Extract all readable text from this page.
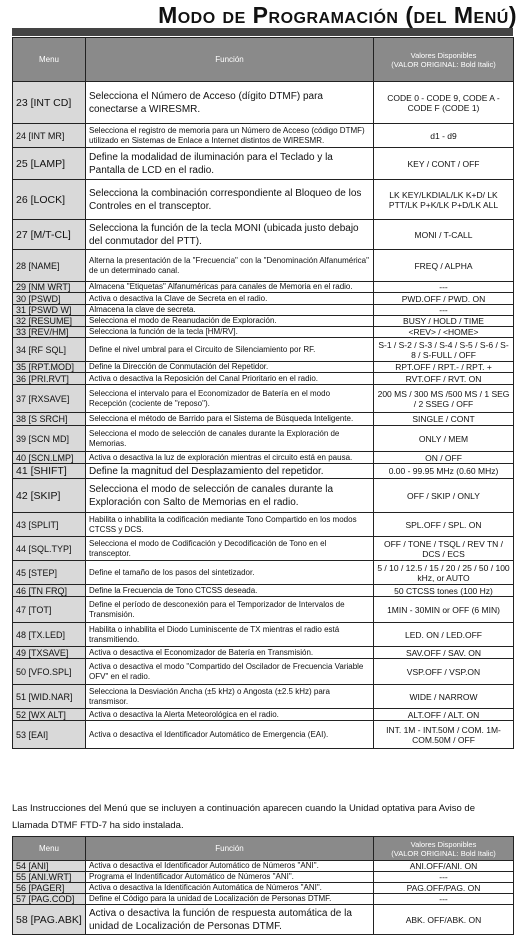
Modo de Programación (del Menú)
Menu	Función	Valores Disponibles
(VALOR ORIGINAL: Bold Italic)

23 [INT CD]	Selecciona el Número de Acceso (dígito DTMF) para conectarse a WIRESMR.	CODE 0 - CODE 9, CODE A - CODE F (CODE 1)
24 [INT MR]	Selecciona el registro de memoria para un Número de Acceso (código DTMF) utilizado en Sistemas de Enlace a Internet distintos de WIRESMR.	d1 - d9
25 [LAMP]	Define la modalidad de iluminación para el Teclado y la Pantalla de LCD en el radio.	KEY / CONT / OFF
26 [LOCK]	Selecciona la combinación correspondiente al Bloqueo de los Controles en el transceptor.	LK KEY/LKDIAL/LK K+D/ LK PTT/LK P+K/LK P+D/LK ALL
27 [M/T-CL]	Selecciona la función de la tecla MONI (ubicada justo debajo del conmutador del PTT).	MONI / T-CALL
28 [NAME]	Alterna la presentación de la "Frecuencia" con la "Denominación Alfanumérica" de un determinado canal.	FREQ / ALPHA
29 [NM WRT]	Almacena "Etiquetas" Alfanuméricas para canales de Memoria en el radio.	---
30 [PSWD]	Activa o desactiva la Clave de Secreta en el radio.	PWD.OFF / PWD. ON
31 [PSWD W]	Almacena la clave de secreta.	---
32 [RESUME]	Selecciona el modo de Reanudación de Exploración.	BUSY / HOLD / TIME
33 [REV/HM]	Selecciona la función de la tecla [HM/RV].	<REV> / <HOME>
34 [RF SQL]	Define el nivel umbral para el Circuito de Silenciamiento por RF.	S-1 / S-2 / S-3 / S-4 / S-5 / S-6 / S-8 / S-FULL / OFF
35 [RPT.MOD]	Define la Dirección de Conmutación del Repetidor.	RPT.OFF / RPT.- / RPT. +
36 [PRI.RVT]	Activa o desactiva la Reposición del Canal Prioritario en el radio.	RVT.OFF / RVT. ON
37 [RXSAVE]	Selecciona el intervalo para el Economizador de Batería en el modo Recepción (cociente de "reposo").	200 MS / 300 MS /500 MS / 1 SEG / 2 SSEG / OFF
38 [S SRCH]	Selecciona el método de Barrido para el Sistema de Búsqueda Inteligente.	SINGLE / CONT
39 [SCN MD]	Selecciona el modo de selección de canales durante la Exploración de Memorias.	ONLY / MEM
40 [SCN.LMP]	Activa o desactiva la luz de exploración mientras el circuito está en pausa.	ON / OFF
41 [SHIFT]	Define la magnitud del Desplazamiento del repetidor.	0.00 - 99.95 MHz (0.60 MHz)
42 [SKIP]	Selecciona el modo de selección de canales durante la Exploración con Salto de Memorias en el radio.	OFF / SKIP / ONLY
43 [SPLIT]	Habilita o inhabilita la codificación mediante Tono Compartido en los modos CTCSS y DCS.	SPL.OFF / SPL. ON
44 [SQL.TYP]	Selecciona el modo de Codificación y Decodificación de Tono en el transceptor.	OFF / TONE / TSQL / REV TN / DCS / ECS
45 [STEP]	Define el tamaño de los pasos del sintetizador.	5 / 10 / 12.5 / 15 / 20 / 25 / 50 / 100 kHz, or AUTO
46 [TN FRQ]	Define la Frecuencia de Tono CTCSS deseada.	50 CTCSS tones (100 Hz)
47 [TOT]	Define el período de desconexión para el Temporizador de Intervalos de Transmisión.	1MIN - 30MIN or OFF (6 MIN)
48 [TX.LED]	Habilita o inhabilita el Diodo Luminiscente de TX mientras el radio está transmitiendo.	LED. ON / LED.OFF
49 [TXSAVE]	Activa o desactiva el Economizador de Batería en Transmisión.	SAV.OFF / SAV. ON
50 [VFO.SPL]	Activa o desactiva el modo "Compartido del Oscilador de Frecuencia Variable OFV" en el radio.	VSP.OFF / VSP.ON
51 [WID.NAR]	Selecciona la Desviación Ancha (±5 kHz) o Angosta (±2.5 kHz) para transmisor.	WIDE / NARROW
52 [WX ALT]	Activa o desactiva la Alerta Meteorológica en el radio.	ALT.OFF / ALT. ON
53 [EAI]	Activa o desactiva el Identificador Automático de Emergencia (EAI).	INT. 1M - INT.50M / COM. 1M-COM.50M / OFF
Las Instrucciones del Menú que se incluyen a continuación aparecen cuando la Unidad optativa para Aviso de Llamada DTMF FTD-7 ha sido instalada.
Menu	Función	Valores Disponibles
(VALOR ORIGINAL: Bold Italic)

54 [ANI]	Activa o desactiva el Identificador Automático de Números "ANI".	ANI.OFF/ANI. ON
55 [ANI.WRT]	Programa el Indentificador Automático de Números "ANI".	---
56 [PAGER]	Activa o desactiva la Identificación Automática de Números "ANI".	PAG.OFF/PAG. ON
57 [PAG.COD]	Define el Código para la unidad de Localización de Personas DTMF.	---
58 [PAG.ABK]	Activa o desactiva la función de respuesta automática de la unidad de Localización de Personas DTMF.	ABK. OFF/ABK. ON
